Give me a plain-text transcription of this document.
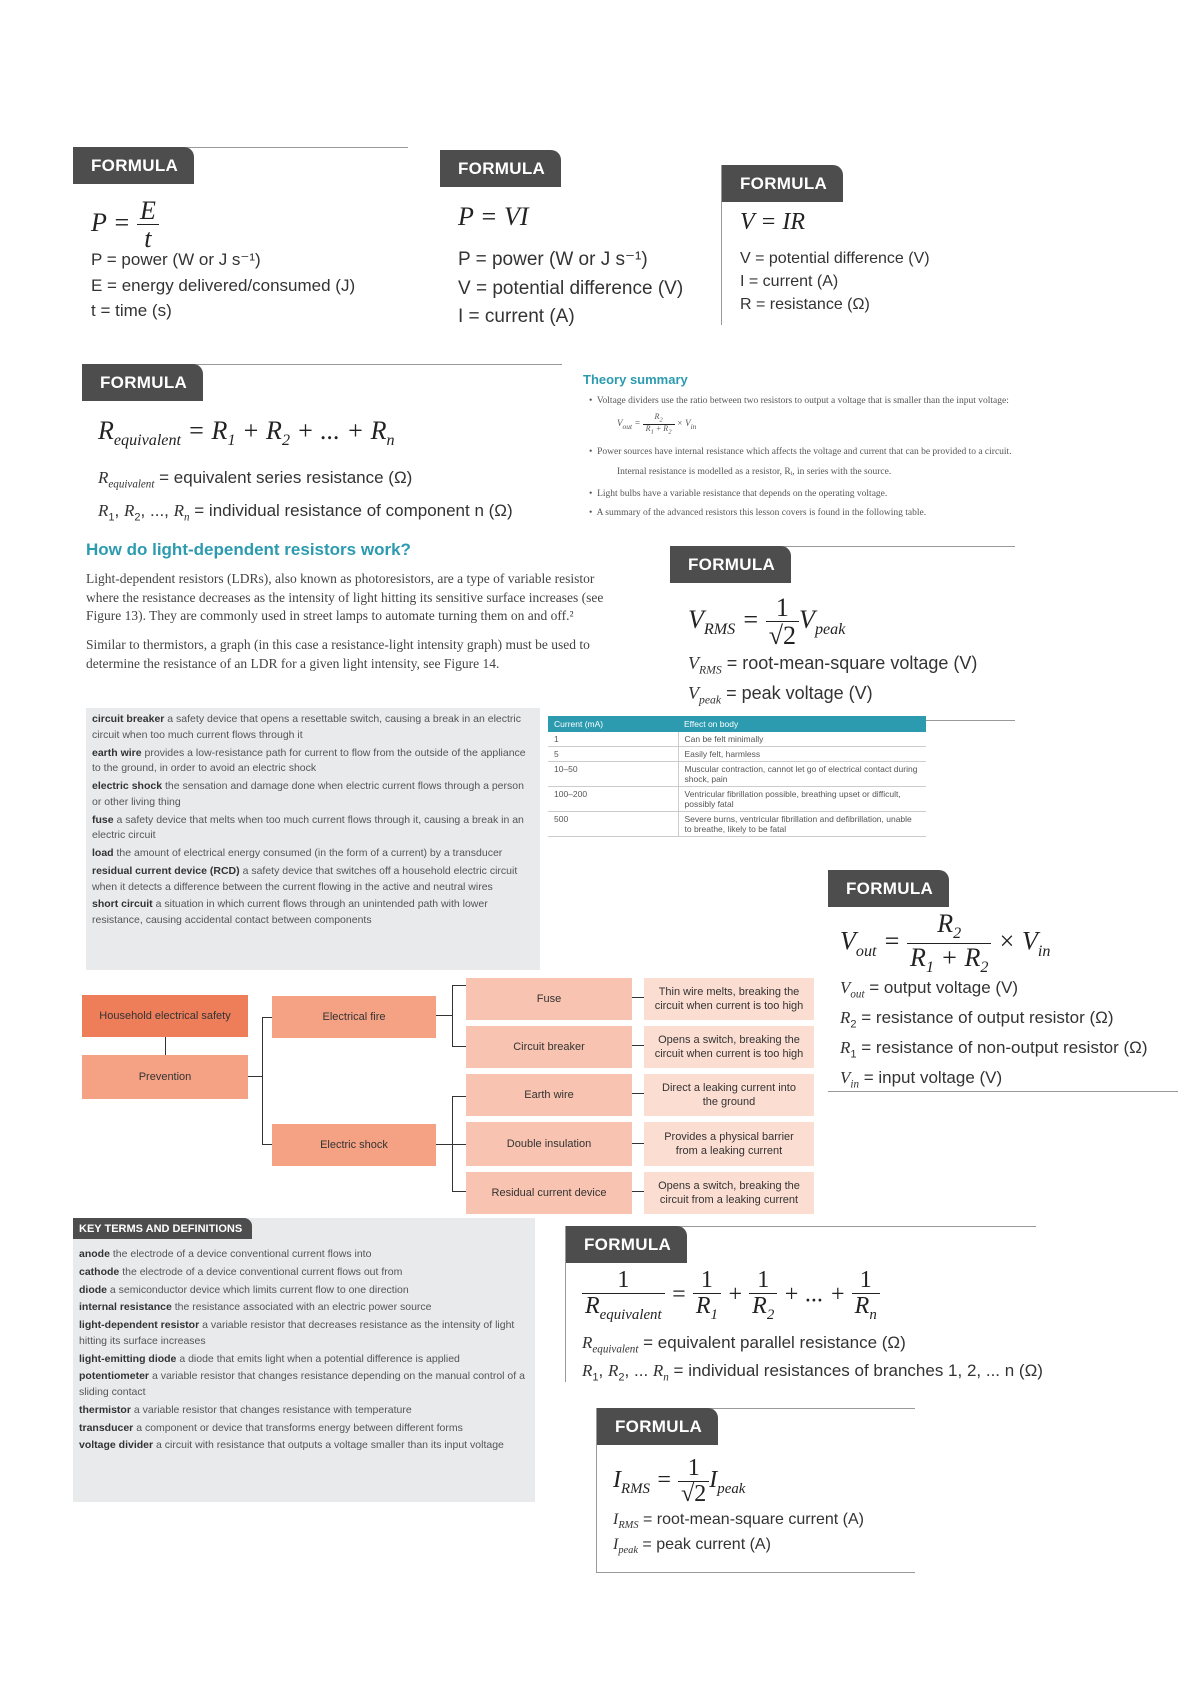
FORMULA
$P = \frac{E}{t}$
P = power (W or J s⁻¹)
E = energy delivered/consumed (J)
t = time (s)
FORMULA
P = VI
P = power (W or J s⁻¹)
V = potential difference (V)
I = current (A)
FORMULA
V = IR
V = potential difference (V)
I = current (A)
R = resistance (Ω)
FORMULA
$R_{equivalent} = R_1 + R_2$ + ... + $R_n$
$R_{equivalent}$ = equivalent series resistance (Ω)
$R_1$, $R_2$, ..., $R_n$ = individual resistance of component n (Ω)
Theory summary
•  Voltage dividers use the ratio between two resistors to output a voltage that is smaller than the input voltage:
$V_{out} = \frac{R_2}{R_1 + R_2} \times V_{in}$
•  Power sources have internal resistance which affects the voltage and current that can be provided to a circuit.
Internal resistance is modelled as a resistor, Rᵢ, in series with the source.
•  Light bulbs have a variable resistance that depends on the operating voltage.
•  A summary of the advanced resistors this lesson covers is found in the following table.
How do light-dependent resistors work?

Light-dependent resistors (LDRs), also known as photoresistors, are a type of variable resistor where the resistance decreases as the intensity of light hitting its sensitive surface increases (see Figure 13). They are commonly used in street lamps to automate turning them on and off.²

Similar to thermistors, a graph (in this case a resistance-light intensity graph) must be used to determine the resistance of an LDR for a given light intensity, see Figure 14.

FORMULA
$V_{RMS} = \frac{1}{√2} V_{peak}$
$V_{RMS}$ = root-mean-square voltage (V)
$V_{peak}$ = peak voltage (V)
circuit breaker a safety device that opens a resettable switch, causing a break in an electric circuit when too much current flows through it
earth wire provides a low-resistance path for current to flow from the outside of the appliance to the ground, in order to avoid an electric shock
electric shock the sensation and damage done when electric current flows through a person or other living thing
fuse a safety device that melts when too much current flows through it, causing a break in an electric circuit
load the amount of electrical energy consumed (in the form of a current) by a transducer
residual current device (RCD) a safety device that switches off a household electric circuit when it detects a difference between the current flowing in the active and neutral wires
short circuit a situation in which current flows through an unintended path with lower resistance, causing accidental contact between components
Current (mA)	Effect on body
1	Can be felt minimally
5	Easily felt, harmless
10–50	Muscular contraction, cannot let go of electrical contact during shock, pain
100–200	Ventricular fibrillation possible, breathing upset or difficult, possibly fatal
500	Severe burns, ventricular fibrillation and defibrillation, unable to breathe, likely to be fatal
FORMULA
$V_{out} = \frac{R_2}{R_1 + R_2} \times V_{in}$
$V_{out}$ = output voltage (V)
$R_2$ = resistance of output resistor (Ω)
$R_1$ = resistance of non-output resistor (Ω)
$V_{in}$ = input voltage (V)
Household electrical safety
Prevention
Electrical fire
Electric shock
Fuse
Circuit breaker
Earth wire
Double insulation
Residual current device
Thin wire melts, breaking the circuit when current is too high
Opens a switch, breaking the circuit when current is too high
Direct a leaking current into the ground
Provides a physical barrier from a leaking current
Opens a switch, breaking the circuit from a leaking current
KEY TERMS AND DEFINITIONS
anode the electrode of a device conventional current flows into
cathode the electrode of a device conventional current flows out from
diode a semiconductor device which limits current flow to one direction
internal resistance the resistance associated with an electric power source
light-dependent resistor a variable resistor that decreases resistance as the intensity of light hitting its surface increases
light-emitting diode a diode that emits light when a potential difference is applied
potentiometer a variable resistor that changes resistance depending on the manual control of a sliding contact
thermistor a variable resistor that changes resistance with temperature
transducer a component or device that transforms energy between different forms
voltage divider a circuit with resistance that outputs a voltage smaller than its input voltage
FORMULA
$\frac{1}{R_{equivalent}} = \frac{1}{R_1} + \frac{1}{R_2}$ + ... + $\frac{1}{R_n}$
$R_{equivalent}$ = equivalent parallel resistance (Ω)
$R_1$, $R_2$, ... $R_n$ = individual resistances of branches 1, 2, ... n (Ω)
FORMULA
$I_{RMS} = \frac{1}{√2} I_{peak}$
$I_{RMS}$ = root-mean-square current (A)
$I_{peak}$ = peak current (A)
